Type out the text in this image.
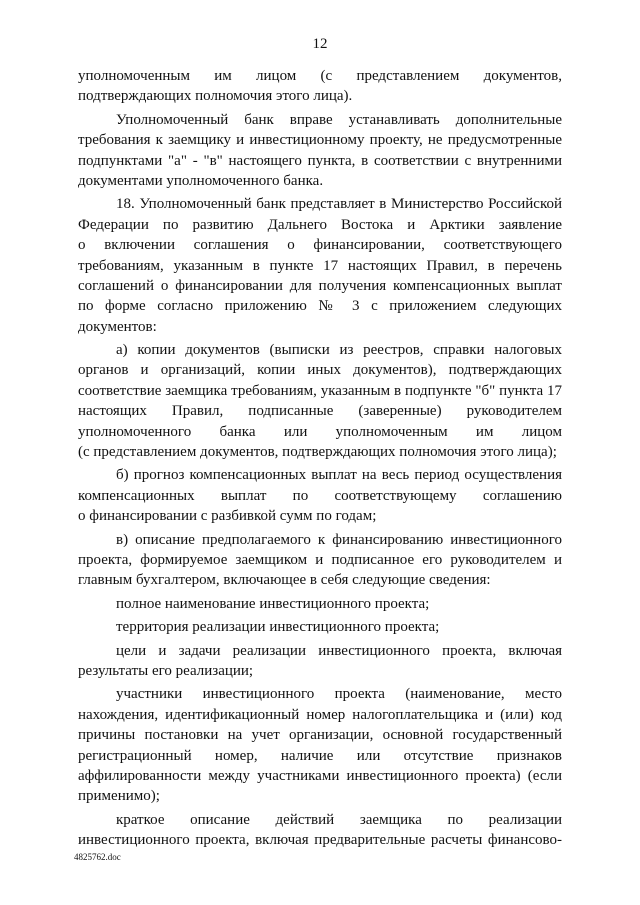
12
уполномоченным им лицом (с представлением документов,
подтверждающих полномочия этого лица).
Уполномоченный банк вправе устанавливать дополнительные
требования к заемщику и инвестиционному проекту, не предусмотренные
подпунктами "а" - "в" настоящего пункта, в соответствии с внутренними
документами уполномоченного банка.
18. Уполномоченный банк представляет в Министерство Российской
Федерации по развитию Дальнего Востока и Арктики заявление
о включении соглашения о финансировании, соответствующего
требованиям, указанным в пункте 17 настоящих Правил, в перечень
соглашений о финансировании для получения компенсационных выплат
по форме согласно приложению № 3 с приложением следующих
документов:
а) копии документов (выписки из реестров, справки налоговых
органов и организаций, копии иных документов), подтверждающих
соответствие заемщика требованиям, указанным в подпункте "б" пункта 17
настоящих Правил, подписанные (заверенные) руководителем
уполномоченного банка или уполномоченным им лицом
(с представлением документов, подтверждающих полномочия этого лица);
б) прогноз компенсационных выплат на весь период осуществления
компенсационных выплат по соответствующему соглашению
о финансировании с разбивкой сумм по годам;
в) описание предполагаемого к финансированию инвестиционного
проекта, формируемое заемщиком и подписанное его руководителем и
главным бухгалтером, включающее в себя следующие сведения:
полное наименование инвестиционного проекта;
территория реализации инвестиционного проекта;
цели и задачи реализации инвестиционного проекта, включая
результаты его реализации;
участники инвестиционного проекта (наименование, место
нахождения, идентификационный номер налогоплательщика и (или) код
причины постановки на учет организации, основной государственный
регистрационный номер, наличие или отсутствие признаков
аффилированности между участниками инвестиционного проекта) (если
применимо);
краткое описание действий заемщика по реализации
инвестиционного проекта, включая предварительные расчеты финансово-
4825762.doc
